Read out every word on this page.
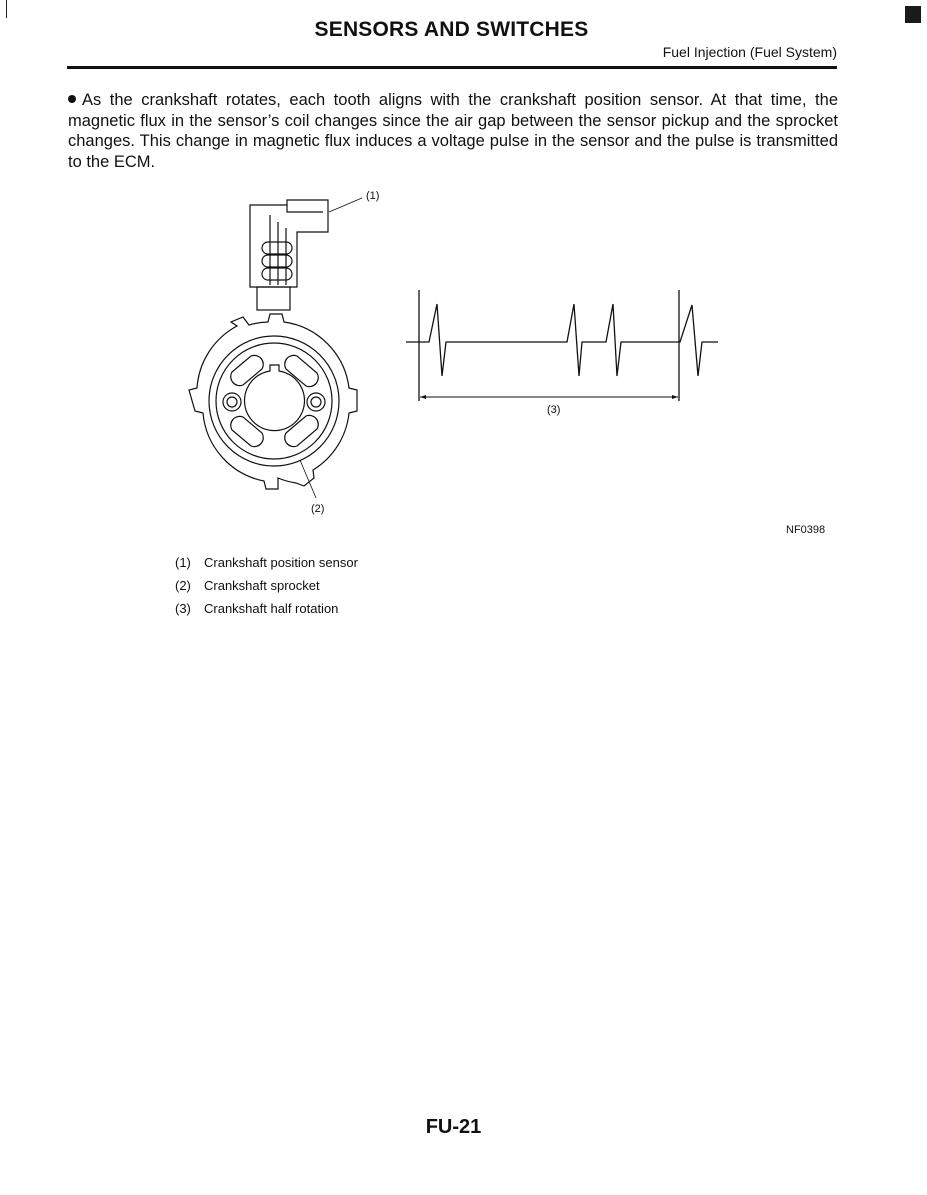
SENSORS AND SWITCHES
Fuel Injection (Fuel System)
As the crankshaft rotates, each tooth aligns with the crankshaft position sensor. At that time, the magnetic flux in the sensor’s coil changes since the air gap between the sensor pickup and the sprocket changes. This change in magnetic flux induces a voltage pulse in the sensor and the pulse is transmitted to the ECM.
(1)
(2)
(3)
NF0398
(1) Crankshaft position sensor
(2) Crankshaft sprocket
(3) Crankshaft half rotation
FU-21
